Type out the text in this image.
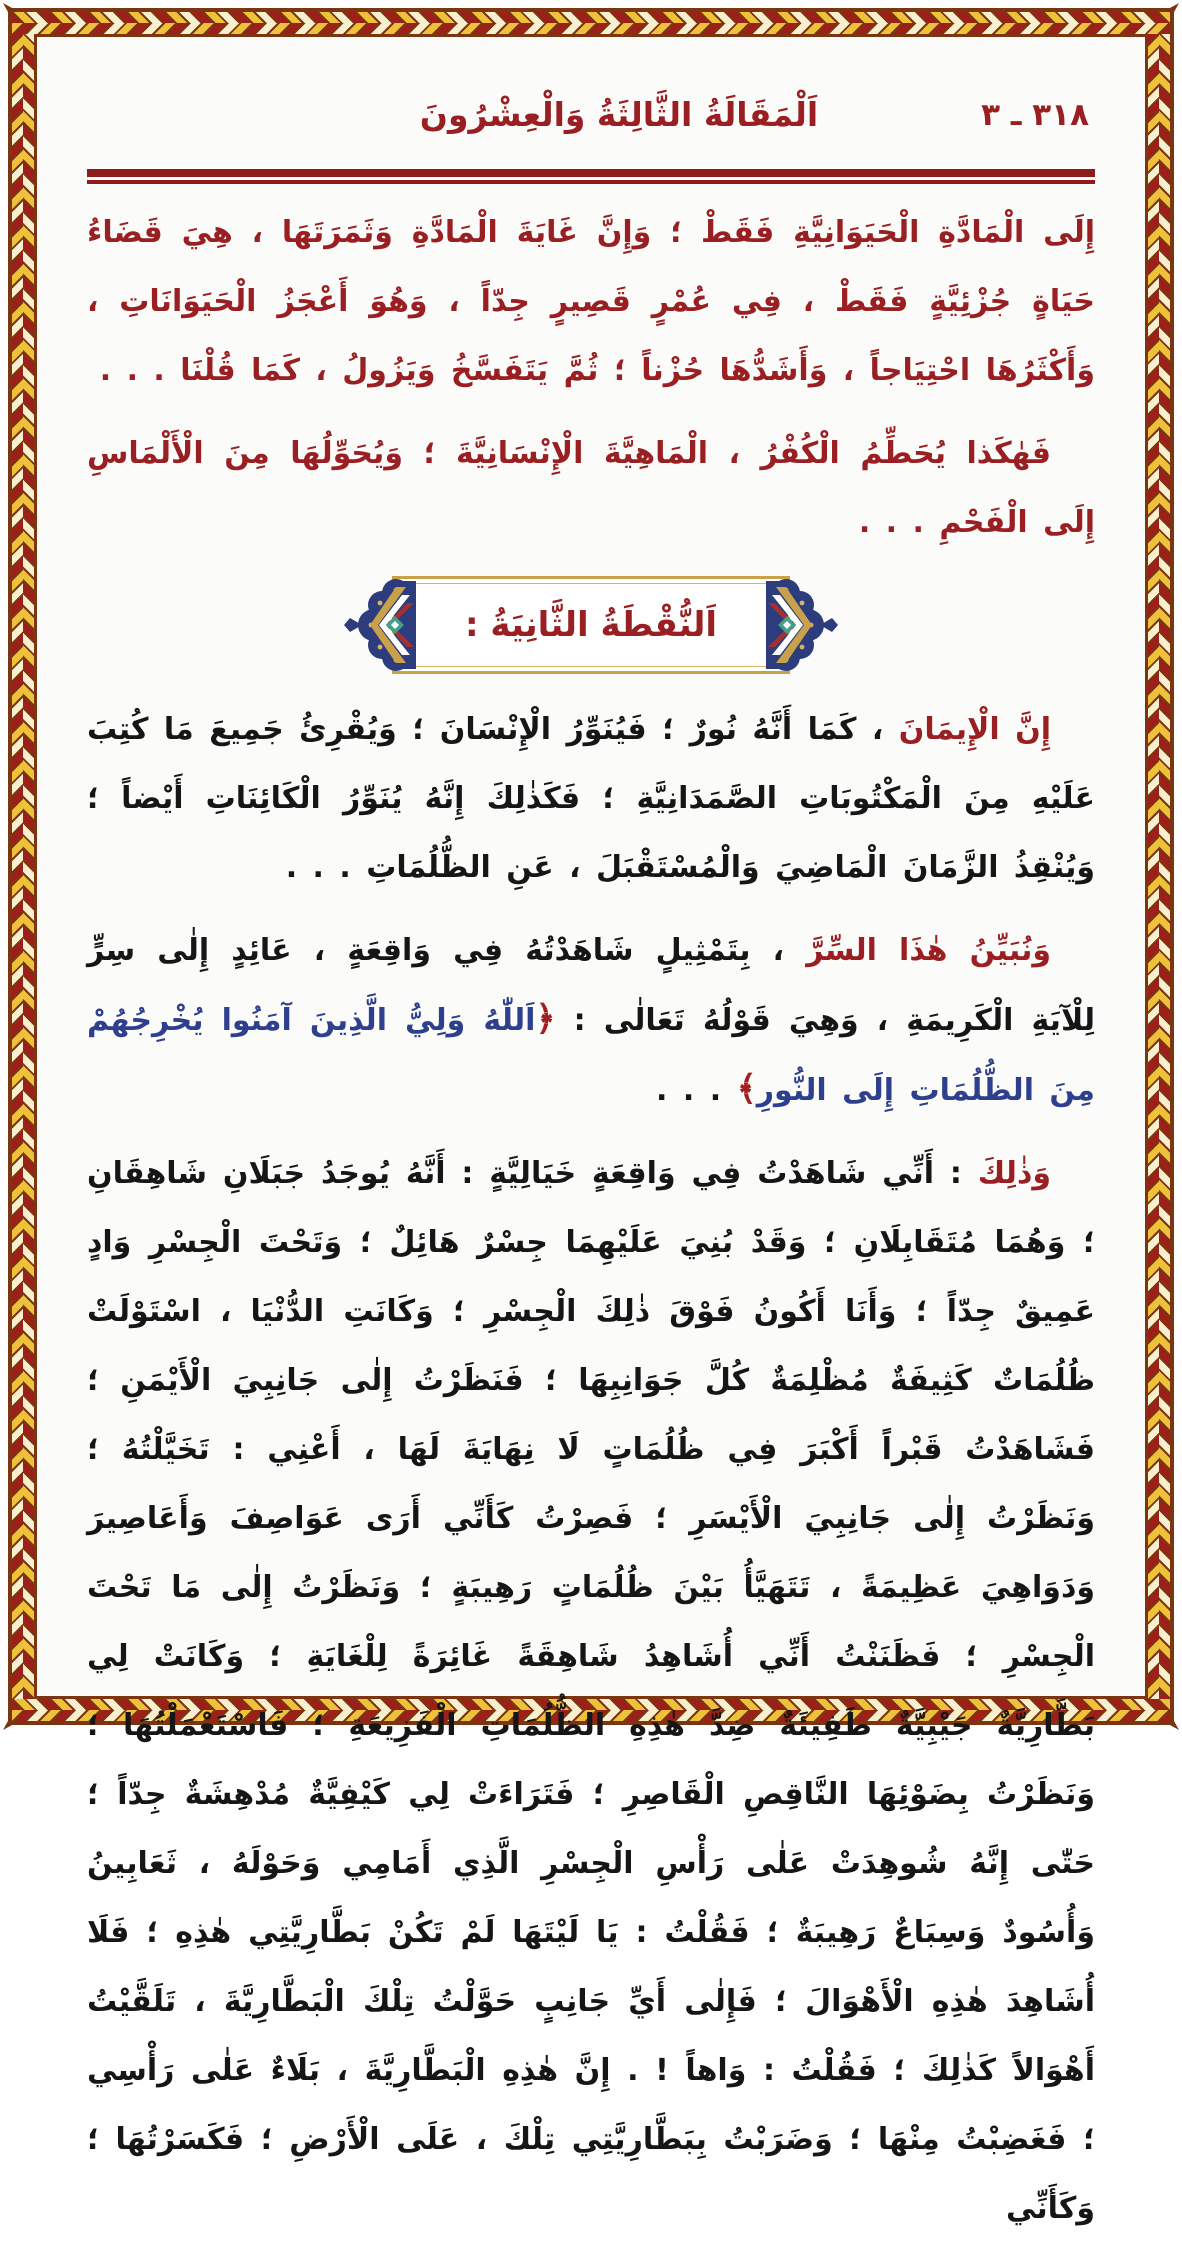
اَلْمَقَالَةُ الثَّالِثَةُ وَالْعِشْرُونَ	٣١٨ ـ ٣

إِلَى الْمَادَّةِ الْحَيَوَانِيَّةِ فَقَطْ ؛ وَإِنَّ غَايَةَ الْمَادَّةِ وَثَمَرَتَهَا ، هِيَ قَضَاءُ حَيَاةٍ جُزْئِيَّةٍ فَقَطْ ، فِي عُمْرٍ قَصِيرٍ جِدّاً ، وَهُوَ أَعْجَزُ الْحَيَوَانَاتِ ، وَأَكْثَرُهَا احْتِيَاجاً ، وَأَشَدُّهَا حُزْناً ؛ ثُمَّ يَتَفَسَّخُ وَيَزُولُ ، كَمَا قُلْنَا . . .

فَهٰكَذا يُحَطِّمُ الْكُفْرُ ، الْمَاهِيَّةَ الْإِنْسَانِيَّةَ ؛ وَيُحَوِّلُهَا مِنَ الْأَلْمَاسِ إِلَى الْفَحْمِ . . .

اَلنُّقْطَةُ الثَّانِيَةُ :

إِنَّ الْإِيمَانَ ، كَمَا أَنَّهُ نُورٌ ؛ فَيُنَوِّرُ الْإِنْسَانَ ؛ وَيُقْرِئُ جَمِيعَ مَا كُتِبَ عَلَيْهِ مِنَ الْمَكْتُوبَاتِ الصَّمَدَانِيَّةِ ؛ فَكَذٰلِكَ إِنَّهُ يُنَوِّرُ الْكَائِنَاتِ أَيْضاً ؛ وَيُنْقِذُ الزَّمَانَ الْمَاضِيَ وَالْمُسْتَقْبَلَ ، عَنِ الظُّلُمَاتِ . . .

وَنُبَيِّنُ هٰذَا السِّرَّ ، بِتَمْثِيلٍ شَاهَدْتُهُ فِي وَاقِعَةٍ ، عَائِدٍ إِلٰى سِرٍّ لِلْآيَةِ الْكَرِيمَةِ ، وَهِيَ قَوْلُهُ تَعَالٰى : ﴿اَللّٰهُ وَلِيُّ الَّذِينَ آمَنُوا يُخْرِجُهُمْ مِنَ الظُّلُمَاتِ إِلَى النُّورِ﴾ . . .

وَذٰلِكَ : أَنِّي شَاهَدْتُ فِي وَاقِعَةٍ خَيَالِيَّةٍ : أَنَّهُ يُوجَدُ جَبَلَانِ شَاهِقَانِ ؛ وَهُمَا مُتَقَابِلَانِ ؛ وَقَدْ بُنِيَ عَلَيْهِمَا جِسْرٌ هَائِلٌ ؛ وَتَحْتَ الْجِسْرِ وَادٍ عَمِيقٌ جِدّاً ؛ وَأَنَا أَكُونُ فَوْقَ ذٰلِكَ الْجِسْرِ ؛ وَكَانَتِ الدُّنْيَا ، اسْتَوْلَتْ ظُلُمَاتٌ كَثِيفَةٌ مُظْلِمَةٌ كُلَّ جَوَانِبِهَا ؛ فَنَظَرْتُ إِلٰى جَانِبِيَ الْأَيْمَنِ ؛ فَشَاهَدْتُ قَبْراً أَكْبَرَ فِي ظُلُمَاتٍ لَا نِهَايَةَ لَهَا ، أَعْنِي : تَخَيَّلْتُهُ ؛ وَنَظَرْتُ إِلٰى جَانِبِيَ الْأَيْسَرِ ؛ فَصِرْتُ كَأَنِّي أَرَى عَوَاصِفَ وَأَعَاصِيرَ وَدَوَاهِيَ عَظِيمَةً ، تَتَهَيَّأُ بَيْنَ ظُلُمَاتٍ رَهِيبَةٍ ؛ وَنَظَرْتُ إِلٰى مَا تَحْتَ الْجِسْرِ ؛ فَظَنَنْتُ أَنِّي أُشَاهِدُ شَاهِقَةً غَائِرَةً لِلْغَايَةِ ؛ وَكَانَتْ لِي بَطَّارِيَّةٌ جَيْبِيَّةٌ طَفِيئَةٌ ضِدَّ هٰذِهِ الظُّلُمَاتِ الْفَزِيعَةِ ؛ فَاسْتَعْمَلْتُهَا ؛ وَنَظَرْتُ بِضَوْئِهَا النَّاقِصِ الْقَاصِرِ ؛ فَتَرَاءَتْ لِي كَيْفِيَّةٌ مُدْهِشَةٌ جِدّاً ؛ حَتّٰى إِنَّهُ شُوهِدَتْ عَلٰى رَأْسِ الْجِسْرِ الَّذِي أَمَامِي وَحَوْلَهُ ، ثَعَابِينُ وَأُسُودٌ وَسِبَاعٌ رَهِيبَةٌ ؛ فَقُلْتُ : يَا لَيْتَهَا لَمْ تَكُنْ بَطَّارِيَّتِي هٰذِهِ ؛ فَلَا أُشَاهِدَ هٰذِهِ الْأَهْوَالَ ؛ فَإِلٰى أَيِّ جَانِبٍ حَوَّلْتُ تِلْكَ الْبَطَّارِيَّةَ ، تَلَقَّيْتُ أَهْوَالاً كَذٰلِكَ ؛ فَقُلْتُ : وَاهاً ! . إِنَّ هٰذِهِ الْبَطَّارِيَّةَ ، بَلَاءٌ عَلٰى رَأْسِي ؛ فَغَضِبْتُ مِنْهَا ؛ وَضَرَبْتُ بِبَطَّارِيَّتِي تِلْكَ ، عَلَى الْأَرْضِ ؛ فَكَسَرْتُهَا ؛ وَكَأَنِّي
